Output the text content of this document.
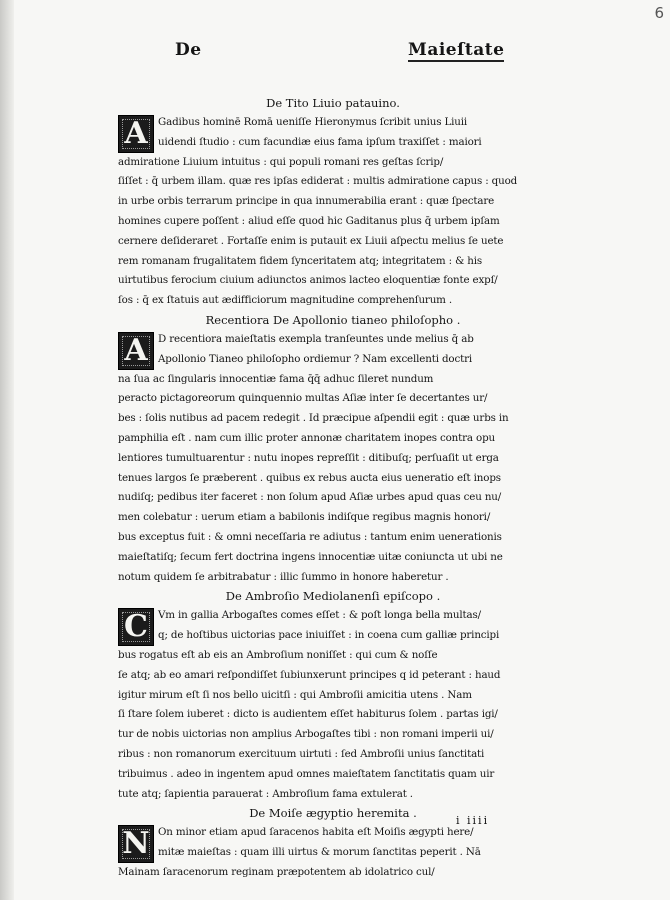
6
De	Maieſtate
De Tito Liuio patauino.
A	Gadibus hominē Romā ueniſſe Hieronymus ſcribit unius Liuii
uidendi ſtudio : cum facundiæ eius fama ipſum traxiſſet : maiori
admiratione Liuium intuitus : qui populi romani res geſtas ſcrip/
ſiſſet : q̄ urbem illam. quæ res ipſas ediderat : multis admiratione capus : quod
in urbe orbis terrarum principe in qua innumerabilia erant : quæ ſpectare
homines cupere poſſent : aliud eſſe quod hic Gaditanus plus q̄ urbem ipſam
cernere deſideraret . Fortaſſe enim is putauit ex Liuii aſpectu melius ſe uete
rem romanam frugalitatem fidem ſynceritatem atq; integritatem : & his
uirtutibus ferocium ciuium adiunctos animos lacteo eloquentiæ fonte expſ/
ſos : q̄ ex ſtatuis aut ædifficiorum magnitudine comprehenſurum .
Recentiora De Apollonio tianeo philoſopho .
A	D recentiora maieſtatis exempla tranſeuntes unde melius q̄ ab
Apollonio Tianeo philoſopho ordiemur ? Nam excellenti doctri
na ſua ac ſingularis innocentiæ fama q̄q̄ adhuc ſileret nundum
peracto pictagoreorum quinquennio multas Aſiæ inter ſe decertantes ur/
bes : ſolis nutibus ad pacem redegit . Id præcipue aſpendii egit : quæ urbs in
pamphilia eſt . nam cum illic proter annonæ charitatem inopes contra opu
lentiores tumultuarentur : nutu inopes repreſſit : ditibuſq; perſuaſit ut erga
tenues largos ſe præberent . quibus ex rebus aucta eius ueneratio eſt inops
nudiſq; pedibus iter faceret : non ſolum apud Aſiæ urbes apud quas ceu nu/
men colebatur : uerum etiam a babilonis indiſque regibus magnis honori/
bus exceptus fuit : & omni neceſſaria re adiutus : tantum enim uenerationis
maieſtatiſq; ſecum fert doctrina ingens innocentiæ uitæ coniuncta ut ubi ne
notum quidem ſe arbitrabatur : illic ſummo in honore haberetur .
De Ambroſio Mediolanenſi epiſcopo .
C Vm in gallia Arbogaſtes comes eſſet : & poſt longa bella multas/
q; de hoſtibus uictorias pace iniuiſſet : in coena cum galliæ principi
bus rogatus eſt ab eis an Ambroſium noniſſet : qui cum & noſſe
ſe atq; ab eo amari reſpondiſſet ſubiunxerunt principes q id peterant : haud
igitur mirum eſt ſi nos bello uicitſi : qui Ambroſii amicitia utens . Nam
ſi ſtare ſolem iuberet : dicto is audientem eſſet habiturus ſolem . partas igi/
tur de nobis uictorias non amplius Arbogaſtes tibi : non romani imperii ui/
ribus : non romanorum exercituum uirtuti : ſed Ambroſii unius ſanctitati
tribuimus . adeo in ingentem apud omnes maieſtatem ſanctitatis quam uir
tute atq; ſapientia parauerat : Ambroſium fama extulerat .
De Moiſe ægyptio heremita .
N On minor etiam apud ſaracenos habita eſt Moiſis ægypti here/
mitæ maieſtas : quam illi uirtus & morum ſanctitas peperit . Nā
Mainam ſaracenorum reginam præpotentem ab idolatrico cul/
i iiii
